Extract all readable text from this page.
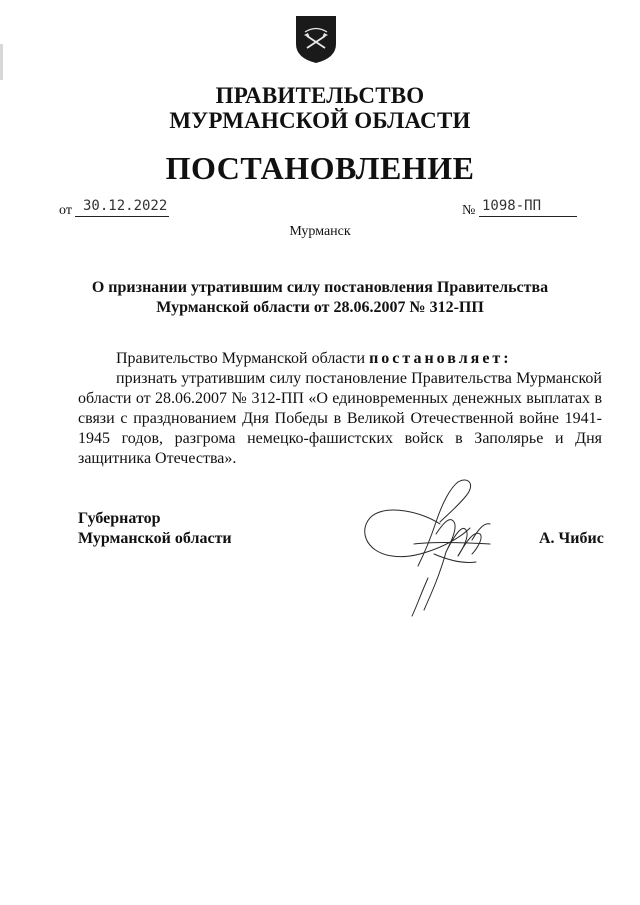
ПРАВИТЕЛЬСТВО
МУРМАНСКОЙ ОБЛАСТИ
ПОСТАНОВЛЕНИЕ
от 30.12.2022	№ 1098-ПП
Мурманск
О признании утратившим силу постановления Правительства
Мурманской области от 28.06.2007 № 312-ПП
Правительство Мурманской области постановляет:
признать утратившим силу постановление Правительства Мурманской области от 28.06.2007 № 312-ПП «О единовременных денежных выплатах в связи с празднованием Дня Победы в Великой Отечественной войне 1941-1945 годов, разгрома немецко-фашистских войск в Заполярье и Дня защитника Отечества».
Губернатор
Мурманской области	А. Чибис
